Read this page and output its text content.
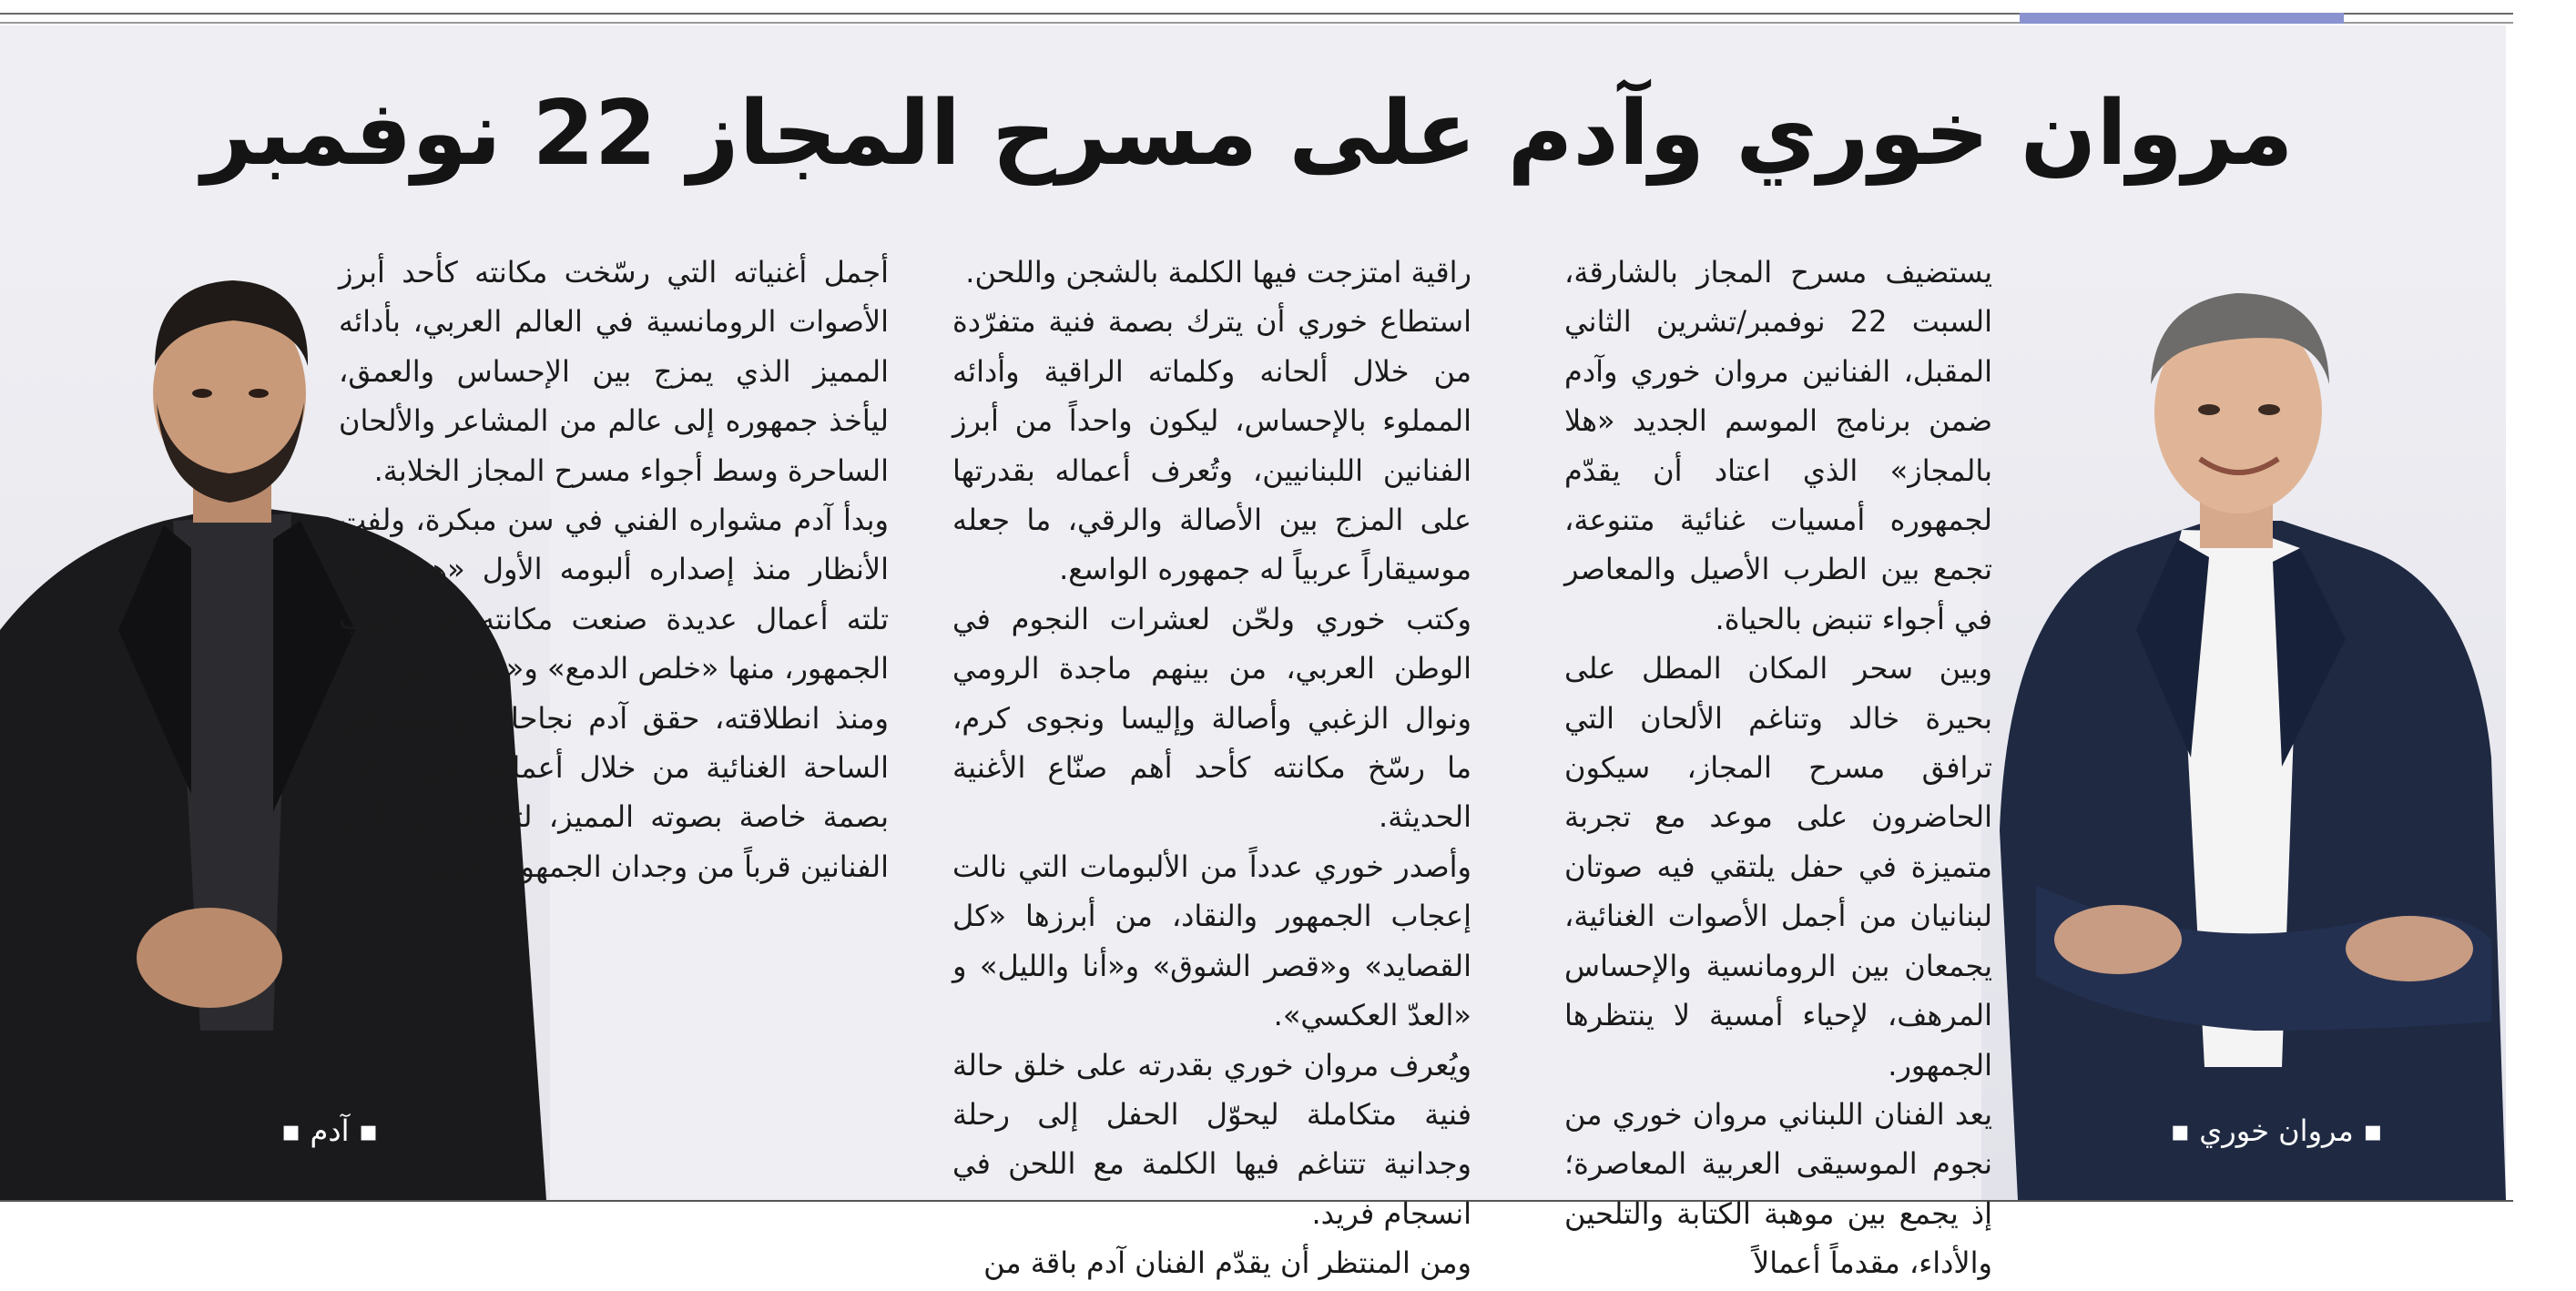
مروان خوري وآدم على مسرح المجاز 22 نوفمبر
▪ مروان خوري ▪
▪ آدم ▪

يستضيف مسرح المجاز بالشارقة، السبت 22 نوفمبر/تشرين الثاني المقبل، الفنانين مروان خوري وآدم ضمن برنامج الموسم الجديد «هلا بالمجاز» الذي اعتاد أن يقدّم لجمهوره أمسيات غنائية متنوعة، تجمع بين الطرب الأصيل والمعاصر في أجواء تنبض بالحياة.

وبين سحر المكان المطل على بحيرة خالد وتناغم الألحان التي ترافق مسرح المجاز، سيكون الحاضرون على موعد مع تجربة متميزة في حفل يلتقي فيه صوتان لبنانيان من أجمل الأصوات الغنائية، يجمعان بين الرومانسية والإحساس المرهف، لإحياء أمسية لا ينتظرها الجمهور.

يعد الفنان اللبناني مروان خوري من نجوم الموسيقى العربية المعاصرة؛ إذ يجمع بين موهبة الكتابة والتلحين والأداء، مقدماً أعمالاً

راقية امتزجت فيها الكلمة بالشجن واللحن.

استطاع خوري أن يترك بصمة فنية متفرّدة من خلال ألحانه وكلماته الراقية وأدائه المملوء بالإحساس، ليكون واحداً من أبرز الفنانين اللبنانيين، وتُعرف أعماله بقدرتها على المزج بين الأصالة والرقي، ما جعله موسيقاراً عربياً له جمهوره الواسع.

وكتب خوري ولحّن لعشرات النجوم في الوطن العربي، من بينهم ماجدة الرومي ونوال الزغبي وأصالة وإليسا ونجوى كرم، ما رسّخ مكانته كأحد أهم صنّاع الأغنية الحديثة.

وأصدر خوري عدداً من الألبومات التي نالت إعجاب الجمهور والنقاد، من أبرزها «كل القصايد» و«قصر الشوق» و«أنا والليل» و «العدّ العكسي».

ويُعرف مروان خوري بقدرته على خلق حالة فنية متكاملة ليحوّل الحفل إلى رحلة وجدانية تتناغم فيها الكلمة مع اللحن في انسجام فريد.

ومن المنتظر أن يقدّم الفنان آدم باقة من

أجمل أغنياته التي رسّخت مكانته كأحد أبرز الأصوات الرومانسية في العالم العربي، بأدائه المميز الذي يمزج بين الإحساس والعمق، ليأخذ جمهوره إلى عالم من المشاعر والألحان الساحرة وسط أجواء مسرح المجاز الخلابة.

وبدأ آدم مشواره الفني في سن مبكرة، ولفت الأنظار منذ إصداره ألبومه الأول «هذا أنا»، تلته أعمال عديدة صنعت مكانته في قلوب الجمهور، منها «خلص الدمع» و«على بالي».

ومنذ انطلاقته، حقق آدم نجاحات واسعة في الساحة الغنائية من خلال أعماله التي تركت بصمة خاصة بصوته المميز، لتجعله من أكثر الفنانين قرباً من وجدان الجمهور العربي.
